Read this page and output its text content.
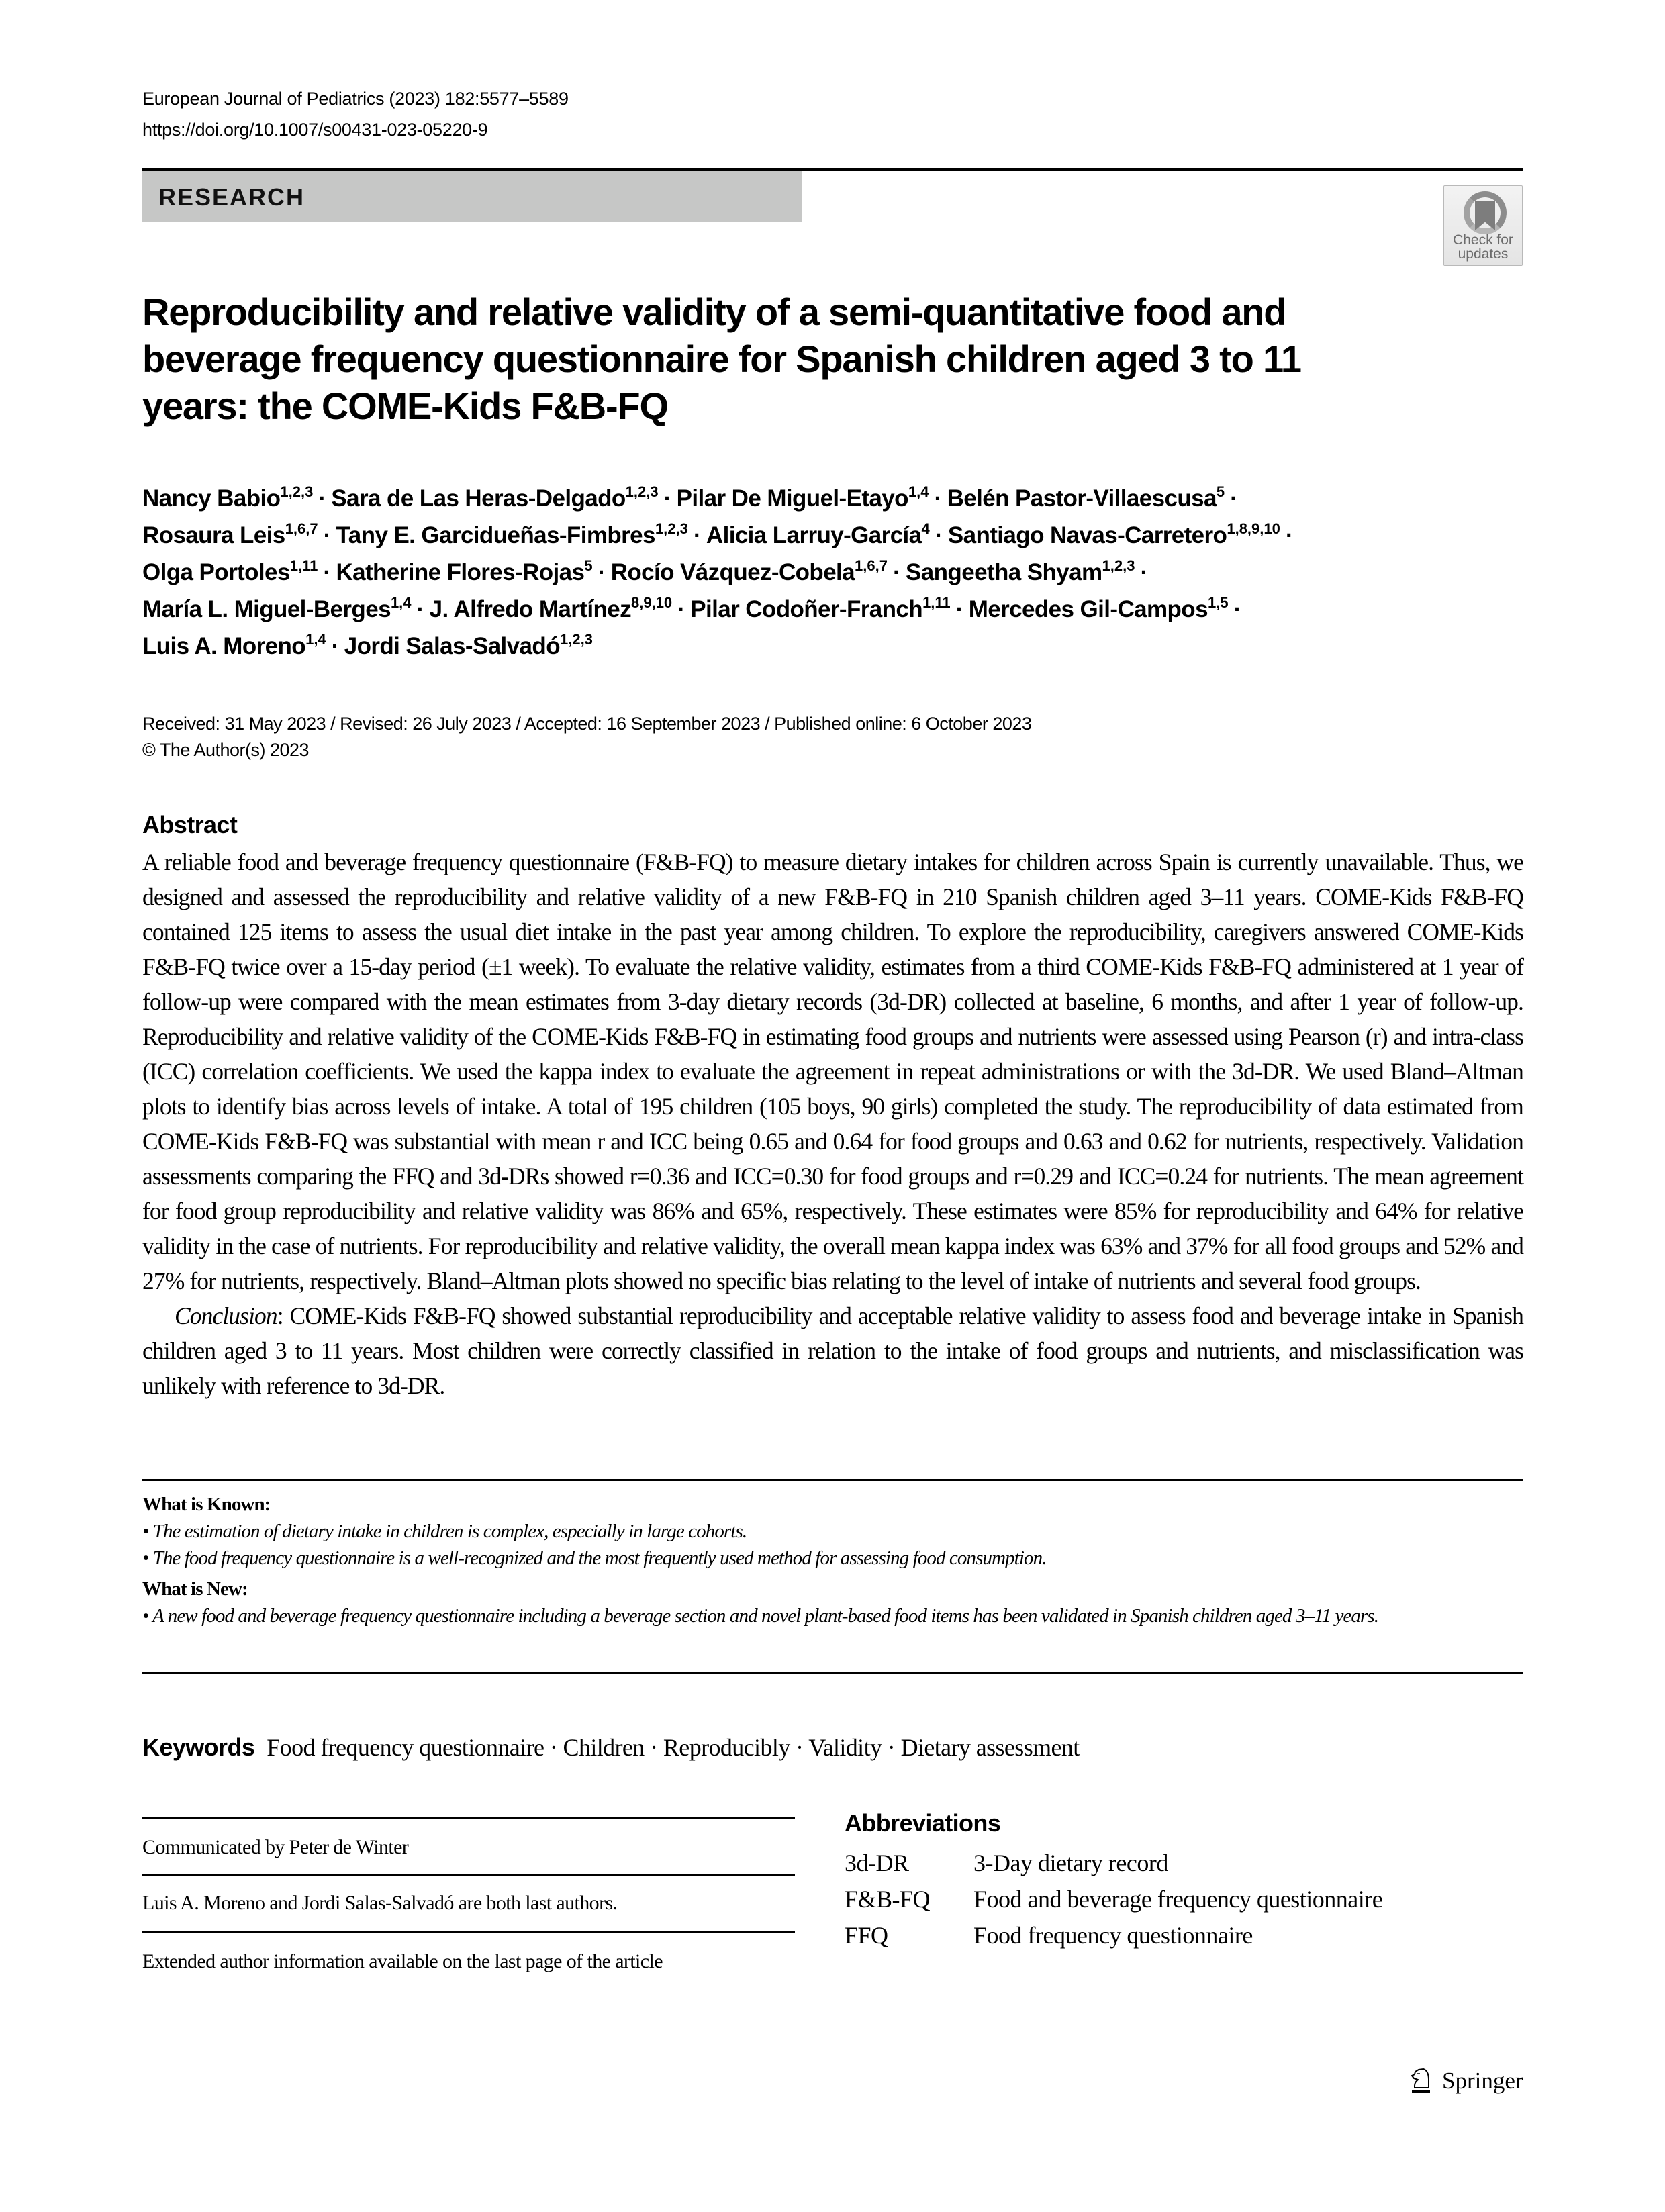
European Journal of Pediatrics (2023) 182:5577–5589
https://doi.org/10.1007/s00431-023-05220-9
RESEARCH
Check for
updates
Reproducibility and relative validity of a semi-quantitative food and beverage frequency questionnaire for Spanish children aged 3 to 11 years: the COME-Kids F&B-FQ
Nancy Babio$^{1,2,3}$ · Sara de Las Heras-Delgado$^{1,2,3}$ · Pilar De Miguel-Etayo$^{1,4}$ · Belén Pastor-Villaescusa$^5$ ·
Rosaura Leis$^{1,6,7}$ · Tany E. Garcidueñas-Fimbres$^{1,2,3}$ · Alicia Larruy-García$^4$ · Santiago Navas-Carretero$^{1,8,9,10}$ ·
Olga Portoles$^{1,11}$ · Katherine Flores-Rojas$^5$ · Rocío Vázquez-Cobela$^{1,6,7}$ · Sangeetha Shyam$^{1,2,3}$ ·
María L. Miguel-Berges$^{1,4}$ · J. Alfredo Martínez$^{8,9,10}$ · Pilar Codoñer-Franch$^{1,11}$ · Mercedes Gil-Campos$^{1,5}$ ·
Luis A. Moreno$^{1,4}$ · Jordi Salas-Salvadó$^{1,2,3}$
Received: 31 May 2023 / Revised: 26 July 2023 / Accepted: 16 September 2023 / Published online: 6 October 2023
© The Author(s) 2023
Abstract

A reliable food and beverage frequency questionnaire (F&B-FQ) to measure dietary intakes for children across Spain is currently unavailable. Thus, we designed and assessed the reproducibility and relative validity of a new F&B-FQ in 210 Spanish children aged 3–11 years. COME-Kids F&B-FQ contained 125 items to assess the usual diet intake in the past year among children. To explore the reproducibility, caregivers answered COME-Kids F&B-FQ twice over a 15-day period (±1 week). To evaluate the relative validity, estimates from a third COME-Kids F&B-FQ administered at 1 year of follow-up were compared with the mean estimates from 3-day dietary records (3d-DR) collected at baseline, 6 months, and after 1 year of follow-up. Reproducibility and relative validity of the COME-Kids F&B-FQ in estimating food groups and nutrients were assessed using Pearson (r) and intra-class (ICC) correlation coefficients. We used the kappa index to evaluate the agreement in repeat administrations or with the 3d-DR. We used Bland–Altman plots to identify bias across levels of intake. A total of 195 children (105 boys, 90 girls) completed the study. The reproducibility of data estimated from COME-Kids F&B-FQ was substantial with mean r and ICC being 0.65 and 0.64 for food groups and 0.63 and 0.62 for nutrients, respectively. Validation assessments comparing the FFQ and 3d-DRs showed r=0.36 and ICC=0.30 for food groups and r=0.29 and ICC=0.24 for nutrients. The mean agreement for food group reproducibility and relative validity was 86% and 65%, respectively. These estimates were 85% for reproducibility and 64% for relative validity in the case of nutrients. For reproducibility and relative validity, the overall mean kappa index was 63% and 37% for all food groups and 52% and 27% for nutrients, respectively. Bland–Altman plots showed no specific bias relating to the level of intake of nutrients and several food groups.

Conclusion: COME-Kids F&B-FQ showed substantial reproducibility and acceptable relative validity to assess food and beverage intake in Spanish children aged 3 to 11 years. Most children were correctly classified in relation to the intake of food groups and nutrients, and misclassification was unlikely with reference to 3d-DR.

What is Known:

• The estimation of dietary intake in children is complex, especially in large cohorts.

• The food frequency questionnaire is a well-recognized and the most frequently used method for assessing food consumption.

What is New:

• A new food and beverage frequency questionnaire including a beverage section and novel plant-based food items has been validated in Spanish children aged 3–11 years.

Keywords Food frequency questionnaire · Children · Reproducibly · Validity · Dietary assessment
Communicated by Peter de Winter
Luis A. Moreno and Jordi Salas-Salvadó are both last authors.
Extended author information available on the last page of the article
Abbreviations
3d-DR	3-Day dietary record
F&B-FQ	Food and beverage frequency questionnaire
FFQ	Food frequency questionnaire
Springer
